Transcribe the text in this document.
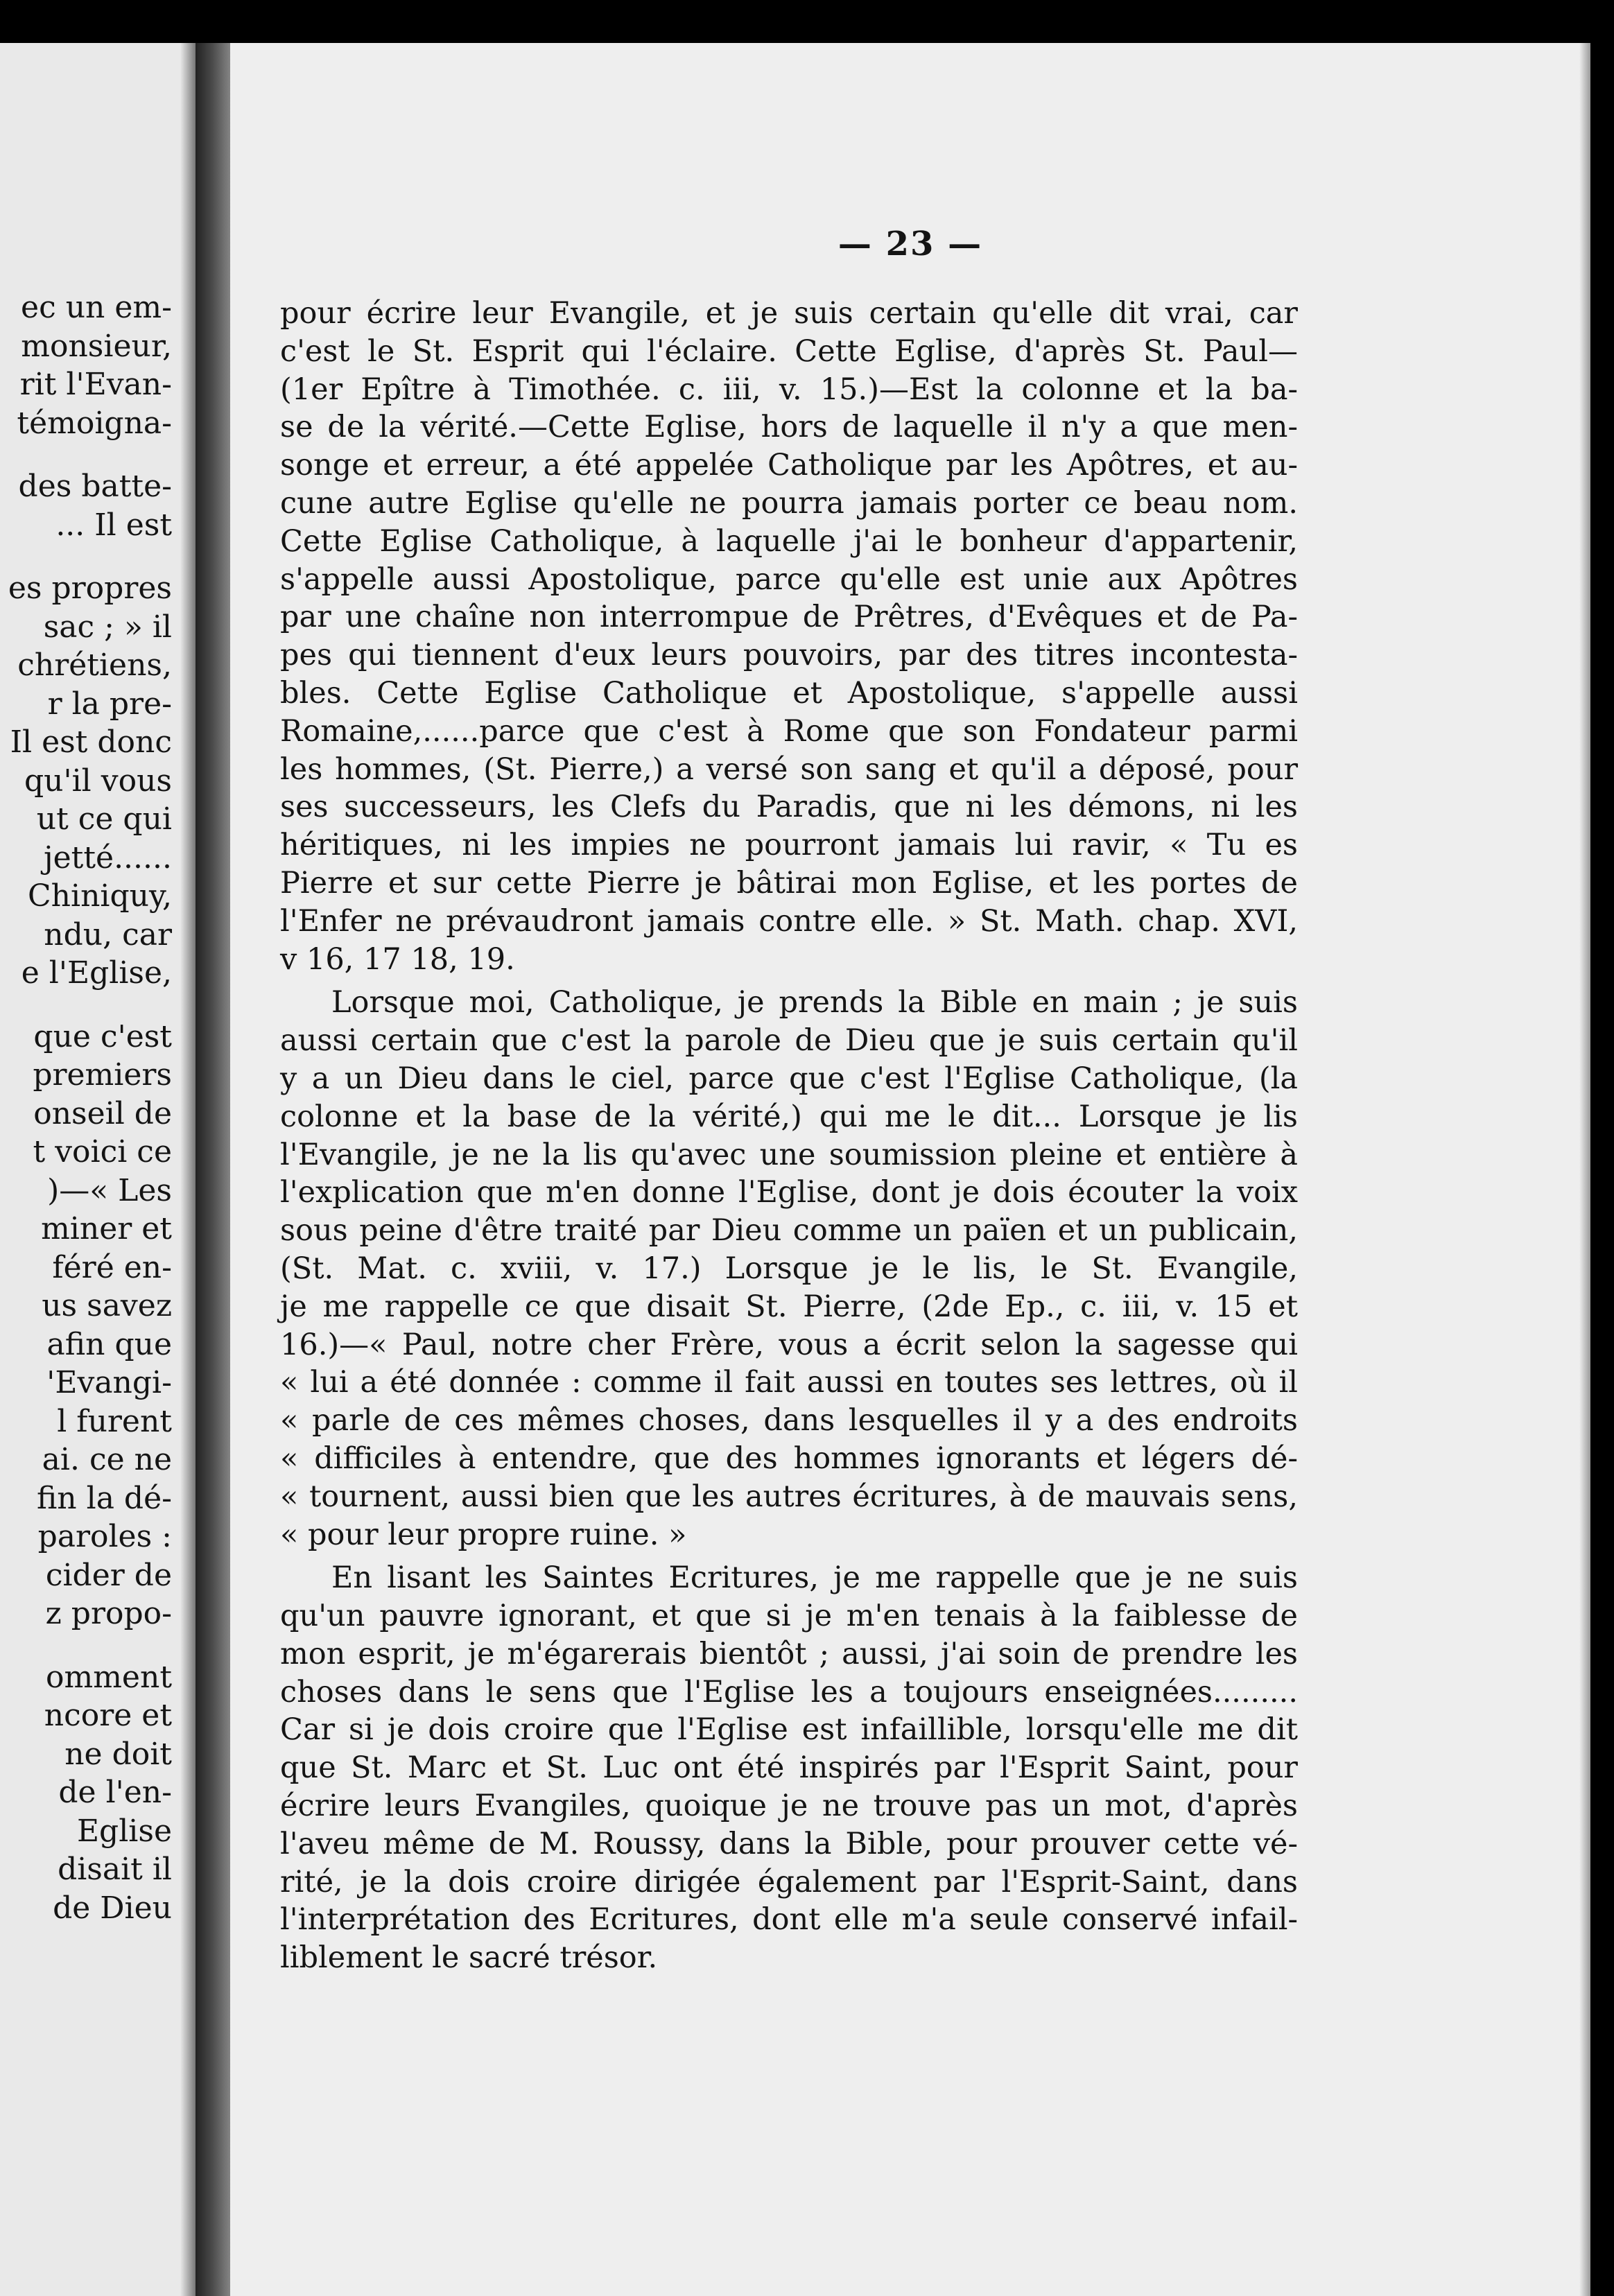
ec un em-
monsieur,
rit l'Evan-
témoigna-
des batte-
... Il est
es propres
sac ; » il
chrétiens,
r la pre-
Il est donc
qu'il vous
ut ce qui
jetté......
Chiniquy,
ndu, car
e l'Eglise,
que c'est
premiers
onseil de
t voici ce
)—« Les
miner et
féré en-
us savez
afin que
'Evangi-
l furent
ai. ce ne
fin la dé-
paroles :
cider de
z propo-
omment
ncore et
ne doit
de l'en-
Eglise
disait il
de Dieu
— 23 —

pour écrire leur Evangile, et je suis certain qu'elle dit vrai, car
c'est le St. Esprit qui l'éclaire. Cette Eglise, d'après St. Paul—
(1er Epître à Timothée. c. iii, v. 15.)—Est la colonne et la ba-
se de la vérité.—Cette Eglise, hors de laquelle il n'y a que men-
songe et erreur, a été appelée Catholique par les Apôtres, et au-
cune autre Eglise qu'elle ne pourra jamais porter ce beau nom.
Cette Eglise Catholique, à laquelle j'ai le bonheur d'appartenir,
s'appelle aussi Apostolique, parce qu'elle est unie aux Apôtres
par une chaîne non interrompue de Prêtres, d'Evêques et de Pa-
pes qui tiennent d'eux leurs pouvoirs, par des titres incontesta-
bles. Cette Eglise Catholique et Apostolique, s'appelle aussi
Romaine,......parce que c'est à Rome que son Fondateur parmi
les hommes, (St. Pierre,) a versé son sang et qu'il a déposé, pour
ses successeurs, les Clefs du Paradis, que ni les démons, ni les
héritiques, ni les impies ne pourront jamais lui ravir, « Tu es
Pierre et sur cette Pierre je bâtirai mon Eglise, et les portes de
l'Enfer ne prévaudront jamais contre elle. » St. Math. chap. XVI,
v 16, 17 18, 19.

Lorsque moi, Catholique, je prends la Bible en main ; je suis
aussi certain que c'est la parole de Dieu que je suis certain qu'il
y a un Dieu dans le ciel, parce que c'est l'Eglise Catholique, (la
colonne et la base de la vérité,) qui me le dit... Lorsque je lis
l'Evangile, je ne la lis qu'avec une soumission pleine et entière à
l'explication que m'en donne l'Eglise, dont je dois écouter la voix
sous peine d'être traité par Dieu comme un païen et un publicain,
(St. Mat. c. xviii, v. 17.) Lorsque je le lis, le St. Evangile,
je me rappelle ce que disait St. Pierre, (2de Ep., c. iii, v. 15 et
16.)—« Paul, notre cher Frère, vous a écrit selon la sagesse qui
« lui a été donnée : comme il fait aussi en toutes ses lettres, où il
« parle de ces mêmes choses, dans lesquelles il y a des endroits
« difficiles à entendre, que des hommes ignorants et légers dé-
« tournent, aussi bien que les autres écritures, à de mauvais sens,
« pour leur propre ruine. »

En lisant les Saintes Ecritures, je me rappelle que je ne suis
qu'un pauvre ignorant, et que si je m'en tenais à la faiblesse de
mon esprit, je m'égarerais bientôt ; aussi, j'ai soin de prendre les
choses dans le sens que l'Eglise les a toujours enseignées.........
Car si je dois croire que l'Eglise est infaillible, lorsqu'elle me dit
que St. Marc et St. Luc ont été inspirés par l'Esprit Saint, pour
écrire leurs Evangiles, quoique je ne trouve pas un mot, d'après
l'aveu même de M. Roussy, dans la Bible, pour prouver cette vé-
rité, je la dois croire dirigée également par l'Esprit-Saint, dans
l'interprétation des Ecritures, dont elle m'a seule conservé infail-
liblement le sacré trésor.
